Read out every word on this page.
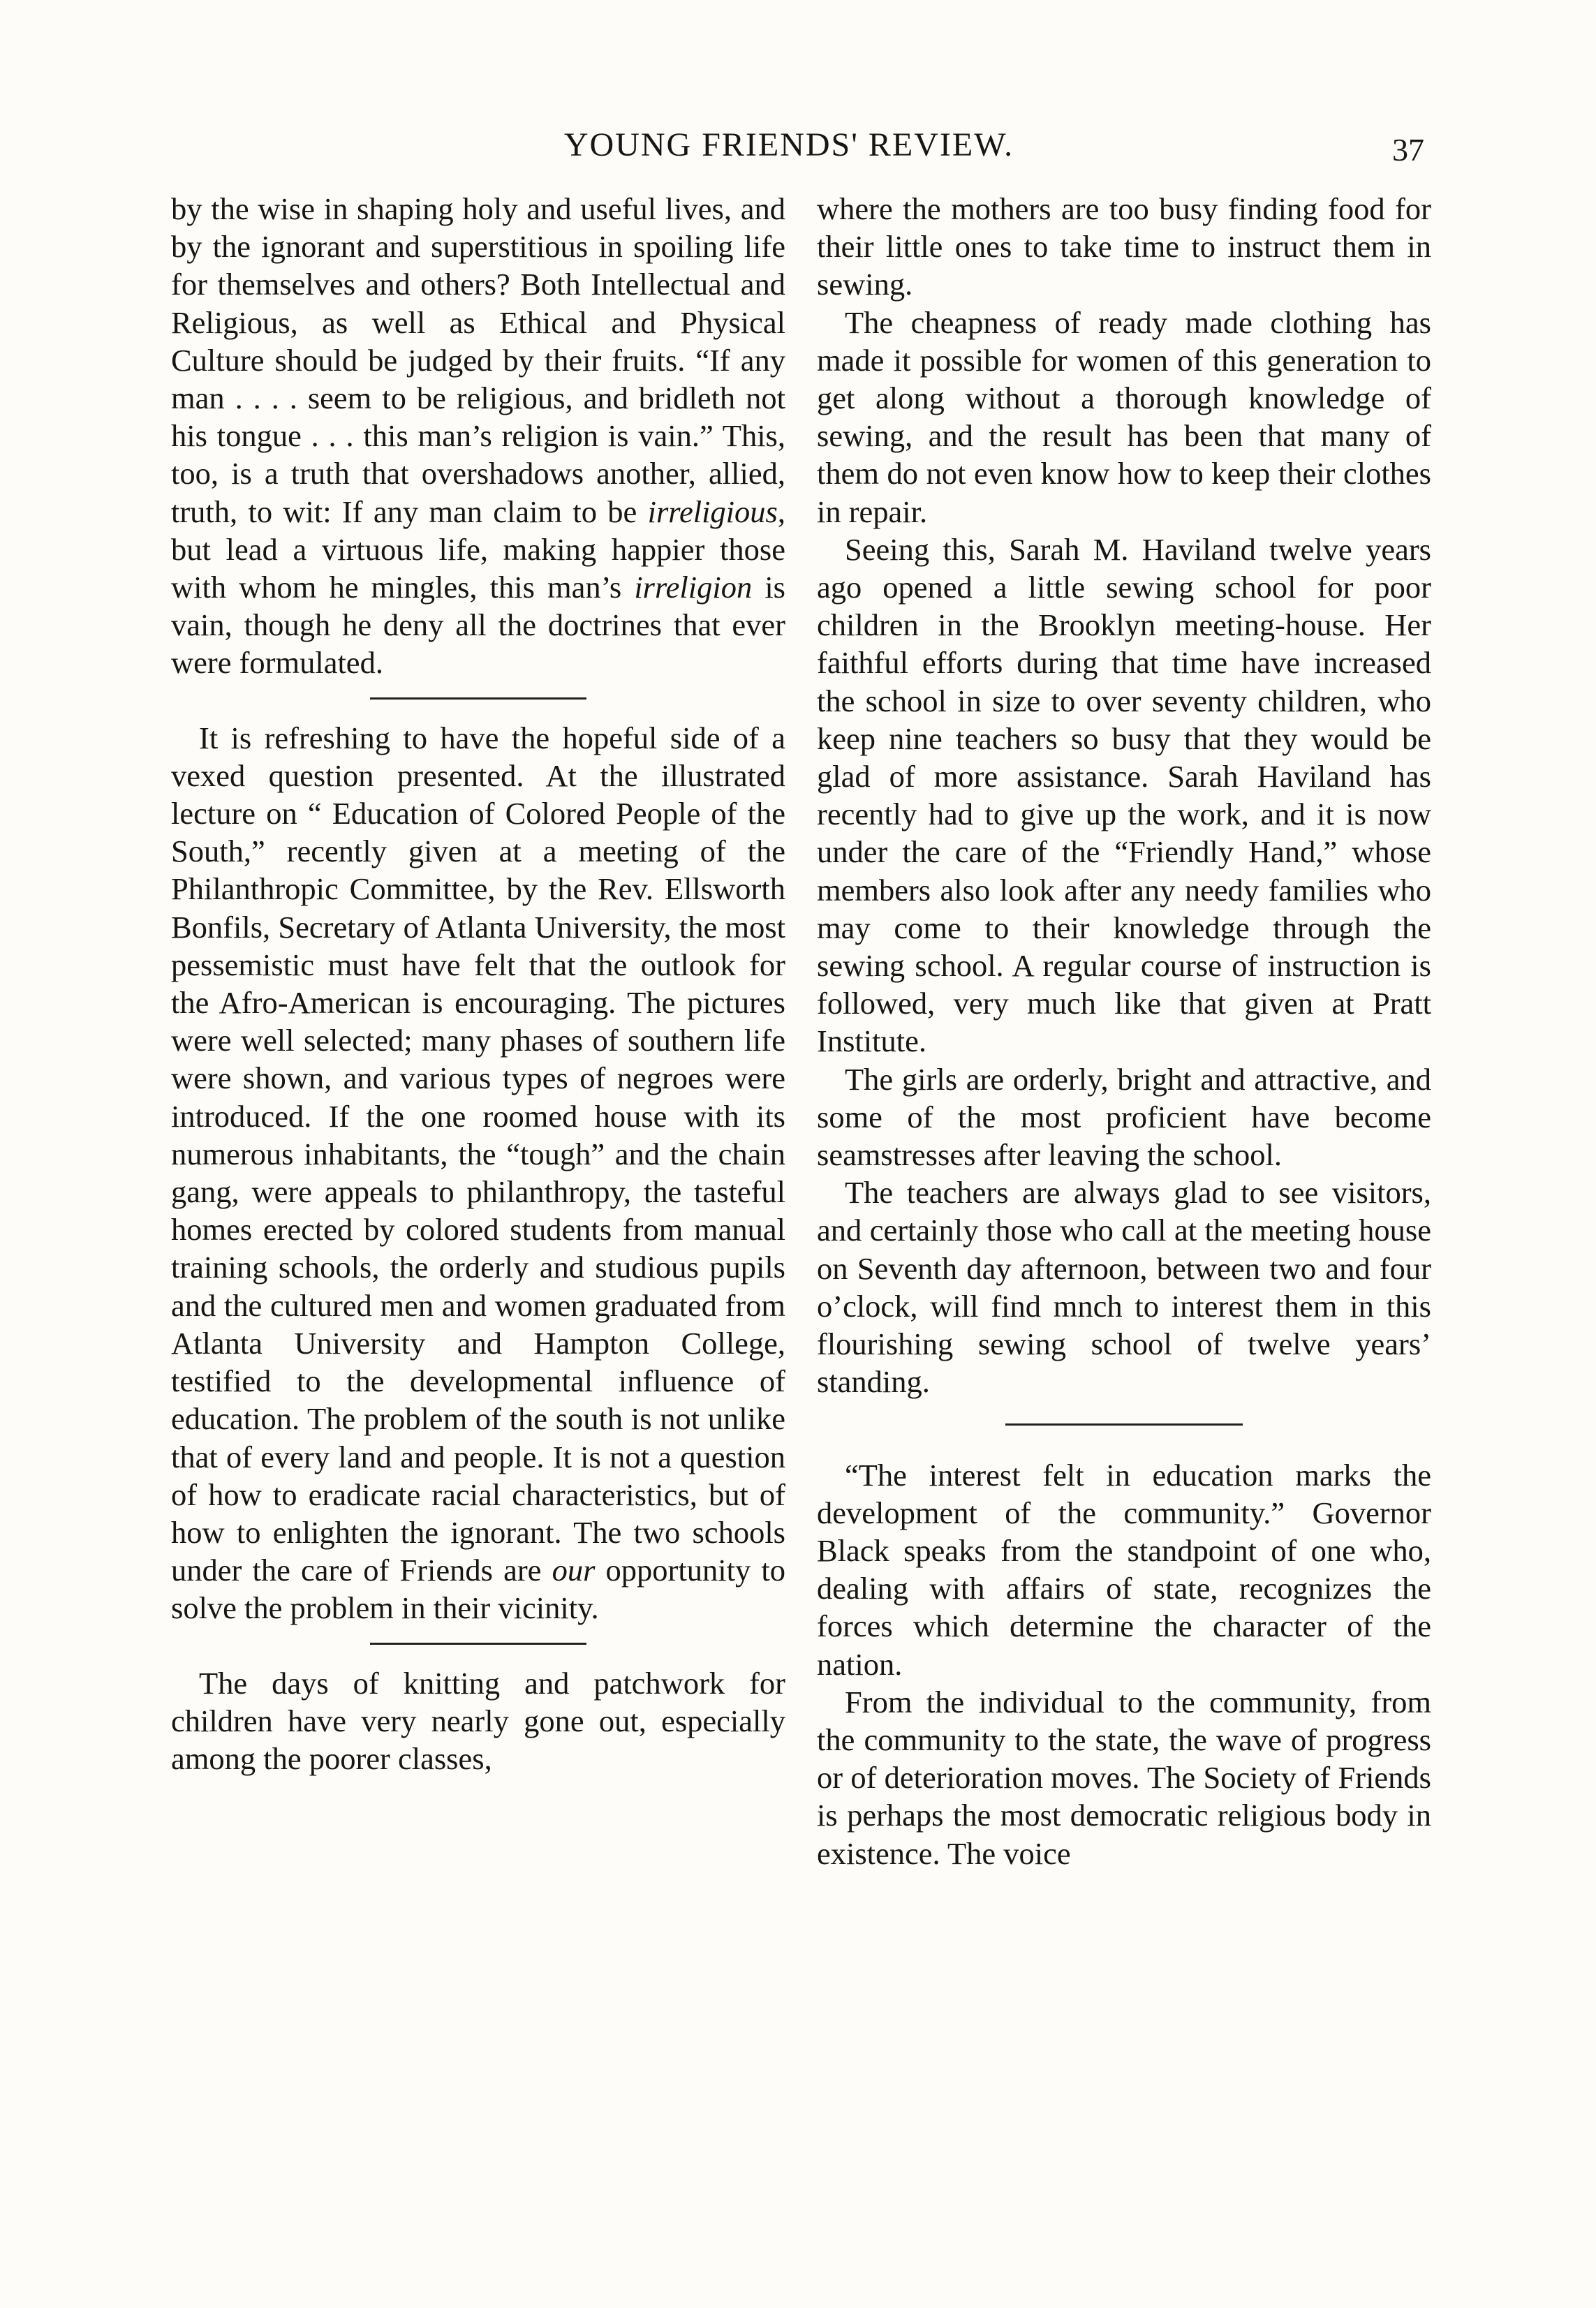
YOUNG FRIENDS' REVIEW.	37

by the wise in shaping holy and useful lives, and by the ignorant and superstitious in spoiling life for themselves and others? Both Intellectual and Religious, as well as Ethical and Physical Culture should be judged by their fruits. “If any man . . . . seem to be religious, and bridleth not his tongue . . . this man’s religion is vain.” This, too, is a truth that overshadows another, allied, truth, to wit: If any man claim to be irreligious, but lead a virtuous life, making happier those with whom he mingles, this man’s irreligion is vain, though he deny all the doctrines that ever were formulated.

It is refreshing to have the hopeful side of a vexed question presented. At the illustrated lecture on “ Education of Colored People of the South,” recently given at a meeting of the Philanthropic Committee, by the Rev. Ellsworth Bonfils, Secretary of Atlanta University, the most pessemistic must have felt that the outlook for the Afro-American is encouraging. The pictures were well selected; many phases of southern life were shown, and various types of negroes were introduced. If the one roomed house with its numerous inhabitants, the “tough” and the chain gang, were appeals to philanthropy, the tasteful homes erected by colored students from manual training schools, the orderly and studious pupils and the cultured men and women graduated from Atlanta University and Hampton College, testified to the developmental influence of education. The problem of the south is not unlike that of every land and people. It is not a question of how to eradicate racial characteristics, but of how to enlighten the ignorant. The two schools under the care of Friends are our opportunity to solve the problem in their vicinity.

The days of knitting and patchwork for children have very nearly gone out, especially among the poorer classes,

where the mothers are too busy finding food for their little ones to take time to instruct them in sewing.

The cheapness of ready made clothing has made it possible for women of this generation to get along without a thorough knowledge of sewing, and the result has been that many of them do not even know how to keep their clothes in repair.

Seeing this, Sarah M. Haviland twelve years ago opened a little sewing school for poor children in the Brooklyn meeting-house. Her faithful efforts during that time have increased the school in size to over seventy children, who keep nine teachers so busy that they would be glad of more assistance. Sarah Haviland has recently had to give up the work, and it is now under the care of the “Friendly Hand,” whose members also look after any needy families who may come to their knowledge through the sewing school. A regular course of instruction is followed, very much like that given at Pratt Institute.

The girls are orderly, bright and attractive, and some of the most proficient have become seamstresses after leaving the school.

The teachers are always glad to see visitors, and certainly those who call at the meeting house on Seventh day afternoon, between two and four o’clock, will find mnch to interest them in this flourishing sewing school of twelve years’ standing.

“The interest felt in education marks the development of the community.” Governor Black speaks from the standpoint of one who, dealing with affairs of state, recognizes the forces which determine the character of the nation.

From the individual to the community, from the community to the state, the wave of progress or of deterioration moves. The Society of Friends is perhaps the most democratic religious body in existence. The voice
